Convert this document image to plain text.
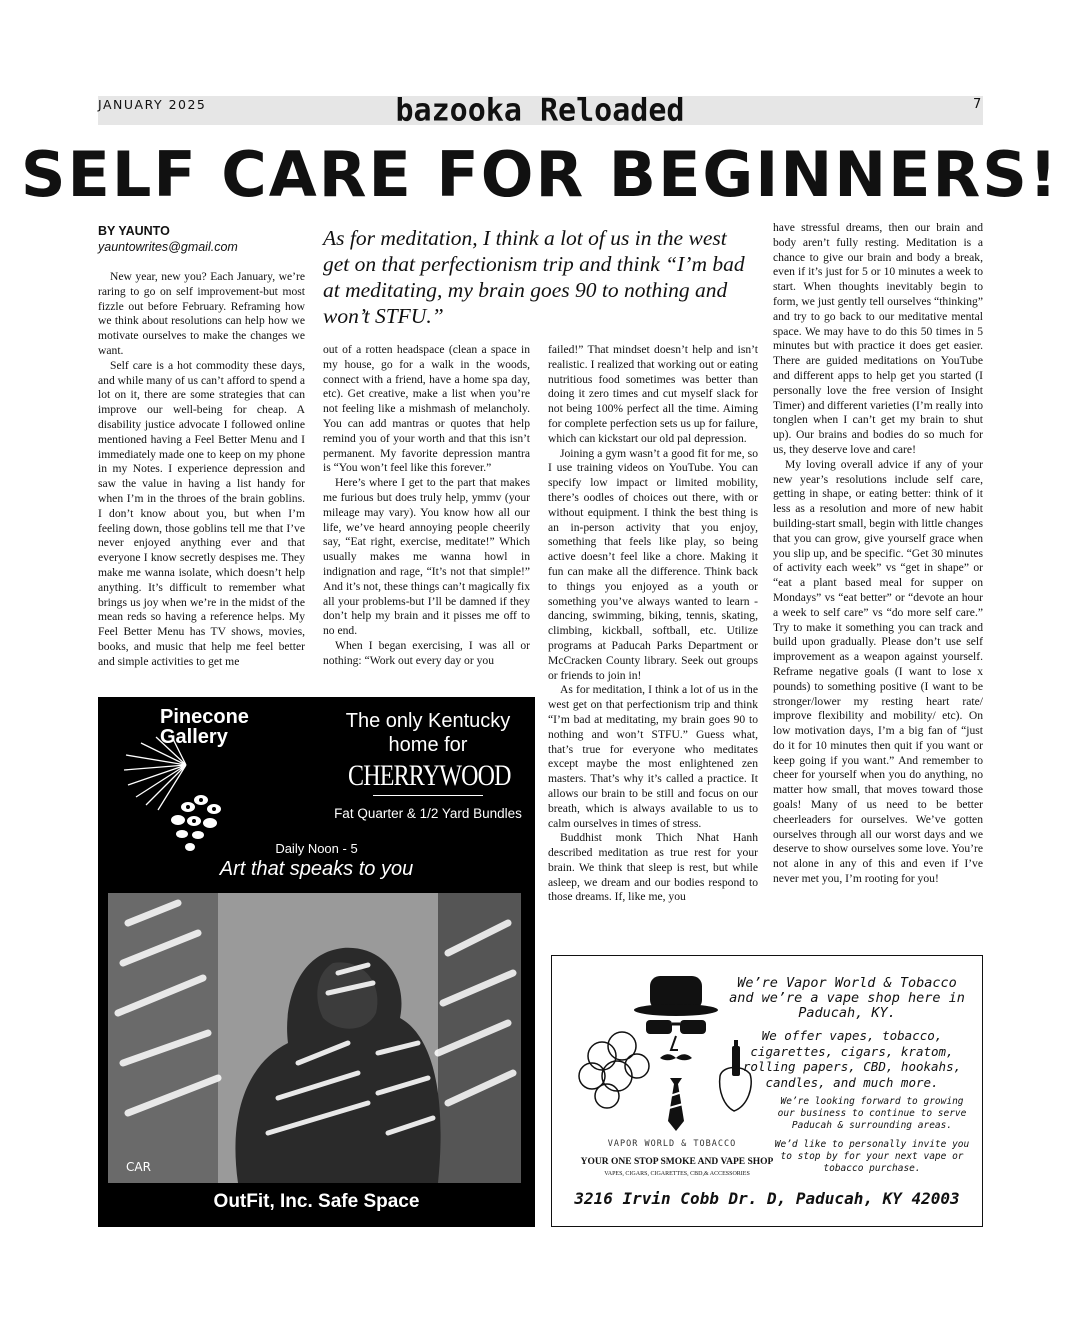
JANUARY 2025	bazooka Reloaded	7
SELF CARE FOR BEGINNERS!
BY YAUNTO
yauntowrites@gmail.com	As for meditation, I think a lot of us in the west get on that perfectionism trip and think “I’m bad at meditating, my brain goes 90 to nothing and won’t STFU.”

New year, new you? Each January, we’re raring to go on self improvement-but most fizzle out before February. Reframing how we think about resolutions can help how we motivate ourselves to make the changes we want.

Self care is a hot commodity these days, and while many of us can’t afford to spend a lot on it, there are some strategies that can improve our well-being for cheap. A disability justice advocate I followed online mentioned having a Feel Better Menu and I immediately made one to keep on my phone in my Notes. I experience depression and saw the value in having a list handy for when I’m in the throes of the brain goblins. I don’t know about you, but when I’m feeling down, those goblins tell me that I’ve never enjoyed anything ever and that everyone I know secretly despises me. They make me wanna isolate, which doesn’t help anything. It’s difficult to remember what brings us joy when we’re in the midst of the mean reds so having a reference helps. My Feel Better Menu has TV shows, movies, books, and music that help me feel better and simple activities to get me

out of a rotten headspace (clean a space in my house, go for a walk in the woods, connect with a friend, have a home spa day, etc). Get creative, make a list when you’re not feeling like a mishmash of melancholy. You can add mantras or quotes that help remind you of your worth and that this isn’t permanent. My favorite depression mantra is “You won’t feel like this forever.”

Here’s where I get to the part that makes me furious but does truly help, ymmv (your mileage may vary). You know how all our life, we’ve heard annoying people cheerily say, “Eat right, exercise, meditate!” Which usually makes me wanna howl in indignation and rage, “It’s not that simple!” And it’s not, these things can’t magically fix all your problems-but I’ll be damned if they don’t help my brain and it pisses me off to no end.

When I began exercising, I was all or nothing: “Work out every day or you

failed!” That mindset doesn’t help and isn’t realistic. I realized that working out or eating nutritious food sometimes was better than doing it zero times and cut myself slack for not being 100% perfect all the time. Aiming for complete perfection sets us up for failure, which can kickstart our old pal depression.

Joining a gym wasn’t a good fit for me, so I use training videos on YouTube. You can specify low impact or limited mobility, there’s oodles of choices out there, with or without equipment. I think the best thing is an in-person activity that you enjoy, something that feels like play, so being active doesn’t feel like a chore. Making it fun can make all the difference. Think back to things you enjoyed as a youth or something you’ve always wanted to learn - dancing, swimming, biking, tennis, skating, climbing, kickball, softball, etc. Utilize programs at Paducah Parks Department or McCracken County library. Seek out groups or friends to join in!

As for meditation, I think a lot of us in the west get on that perfectionism trip and think “I’m bad at meditating, my brain goes 90 to nothing and won’t STFU.” Guess what, that’s true for everyone who meditates except maybe the most enlightened zen masters. That’s why it’s called a practice. It allows our brain to be still and focus on our breath, which is always available to us to calm ourselves in times of stress.

Buddhist monk Thich Nhat Hanh described meditation as true rest for your brain. We think that sleep is rest, but while asleep, we dream and our bodies respond to those dreams. If, like me, you

have stressful dreams, then our brain and body aren’t fully resting. Meditation is a chance to give our brain and body a break, even if it’s just for 5 or 10 minutes a week to start. When thoughts inevitably begin to form, we just gently tell ourselves “thinking” and try to go back to our meditative mental space. We may have to do this 50 times in 5 minutes but with practice it does get easier. There are guided meditations on YouTube and different apps to help get you started (I personally love the free version of Insight Timer) and different varieties (I’m really into tonglen when I can’t get my brain to shut up). Our brains and bodies do so much for us, they deserve love and care!

My loving overall advice if any of your new year’s resolutions include self care, getting in shape, or eating better: think of it less as a resolution and more of new habit building-start small, begin with little changes that you can grow, give yourself grace when you slip up, and be specific. “Get 30 minutes of activity each week” vs “get in shape” or “eat a plant based meal for supper on Mondays” vs “eat better” or “devote an hour a week to self care” vs “do more self care.” Try to make it something you can track and build upon gradually. Please don’t use self improvement as a weapon against yourself. Reframe negative goals (I want to lose x pounds) to something positive (I want to be stronger/lower my resting heart rate/ improve flexibility and mobility/ etc). On low motivation days, I’m a big fan of “just do it for 10 minutes then quit if you want or keep going if you want.” And remember to cheer for yourself when you do anything, no matter how small, that moves toward those goals! Many of us need to be better cheerleaders for ourselves. We’ve gotten ourselves through all our worst days and we deserve to show ourselves some love. You’re not alone in any of this and even if I’ve never met you, I’m rooting for you!

Pinecone
Gallery
The only Kentucky home for
CHERRYWOOD
Fat Quarter & 1/2 Yard Bundles
Daily Noon - 5
Art that speaks to you
CAR
OutFit, Inc. Safe Space
We’re Vapor World & Tobacco and we’re a vape shop here in Paducah, KY.
We offer vapes, tobacco, cigarettes, cigars, kratom, rolling papers, CBD, hookahs, candles, and much more.
We’re looking forward to growing our business to continue to serve Paducah & surrounding areas.
VAPOR WORLD & TOBACCO	We’d like to personally invite you to stop by for your next vape or tobacco purchase.
YOUR ONE STOP SMOKE AND VAPE SHOP
VAPES, CIGARS, CIGARETTES, CBD,& ACCESSORIES
3216 Irvin Cobb Dr. D, Paducah, KY 42003
